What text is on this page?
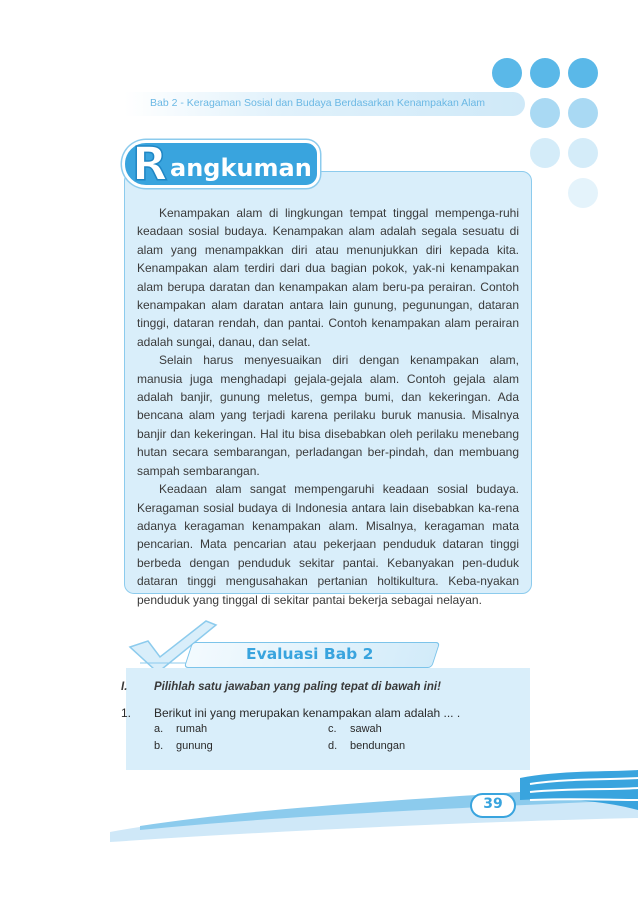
Bab 2 - Keragaman Sosial dan Budaya Berdasarkan Kenampakan Alam
R angkuman

Kenampakan alam di lingkungan tempat tinggal mempenga-ruhi keadaan sosial budaya. Kenampakan alam adalah segala sesuatu di alam yang menampakkan diri atau menunjukkan diri kepada kita. Kenampakan alam terdiri dari dua bagian pokok, yak-ni kenampakan alam berupa daratan dan kenampakan alam beru-pa perairan. Contoh kenampakan alam daratan antara lain gunung, pegunungan, dataran tinggi, dataran rendah, dan pantai. Contoh kenampakan alam perairan adalah sungai, danau, dan selat.

Selain harus menyesuaikan diri dengan kenampakan alam, manusia juga menghadapi gejala-gejala alam. Contoh gejala alam adalah banjir, gunung meletus, gempa bumi, dan kekeringan. Ada bencana alam yang terjadi karena perilaku buruk manusia. Misalnya banjir dan kekeringan. Hal itu bisa disebabkan oleh perilaku menebang hutan secara sembarangan, perladangan ber-pindah, dan membuang sampah sembarangan.

Keadaan alam sangat mempengaruhi keadaan sosial budaya. Keragaman sosial budaya di Indonesia antara lain disebabkan ka-rena adanya keragaman kenampakan alam. Misalnya, keragaman mata pencarian. Mata pencarian atau pekerjaan penduduk dataran tinggi berbeda dengan penduduk sekitar pantai. Kebanyakan pen-duduk dataran tinggi mengusahakan pertanian holtikultura. Keba-nyakan penduduk yang tinggal di sekitar pantai bekerja sebagai nelayan.

Evaluasi Bab 2
I. Pilihlah satu jawaban yang paling tepat di bawah ini!
1. Berikut ini yang merupakan kenampakan alam adalah ... .
a. rumah
b. gunung
c. sawah
d. bendungan
39
